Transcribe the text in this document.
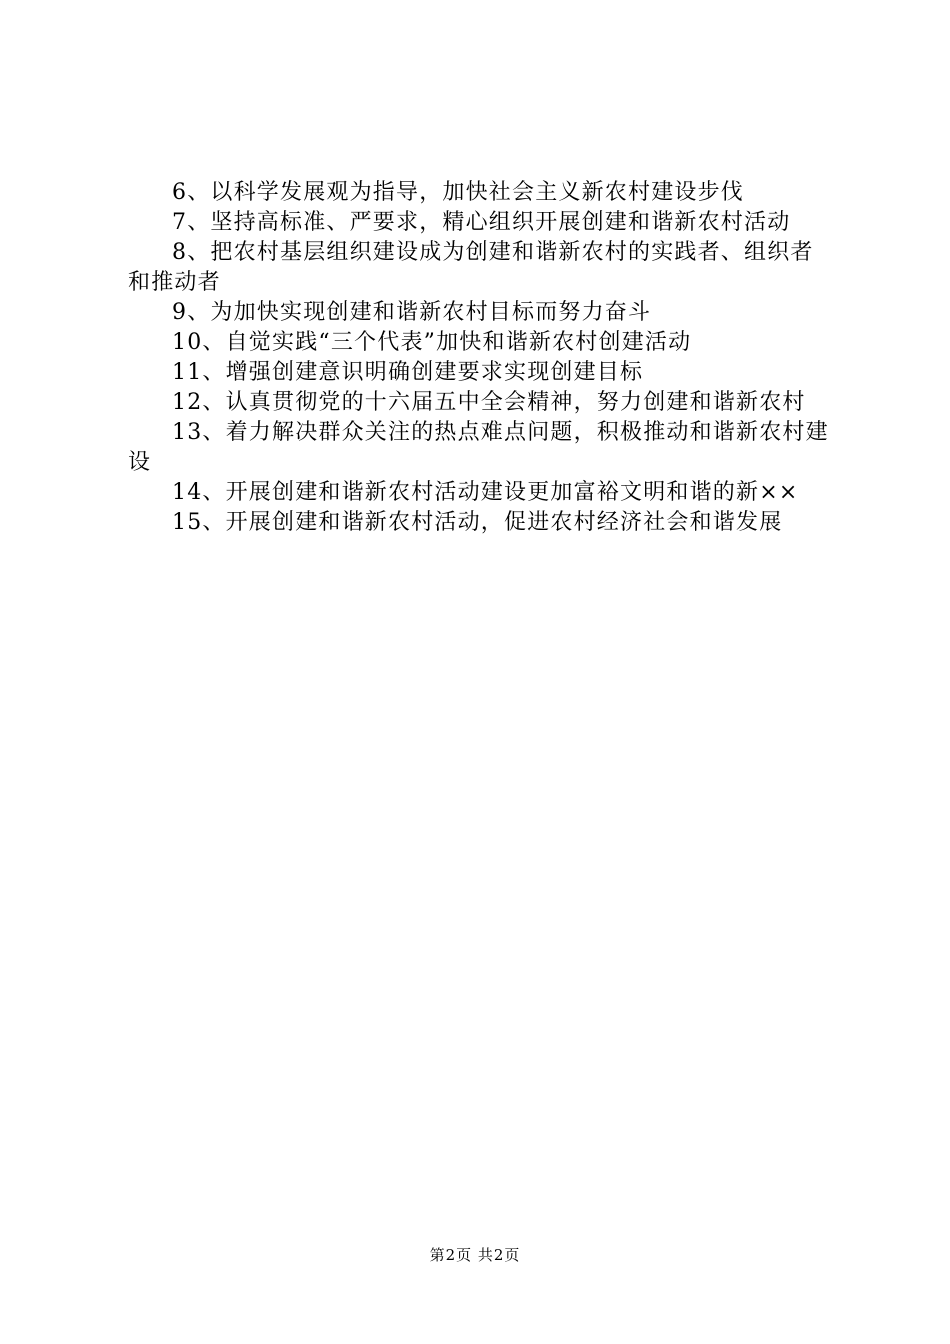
6、以科学发展观为指导，加快社会主义新农村建设步伐

7、坚持高标准、严要求，精心组织开展创建和谐新农村活动

8、把农村基层组织建设成为创建和谐新农村的实践者、组织者和推动者

9、为加快实现创建和谐新农村目标而努力奋斗

10、自觉实践“三个代表”加快和谐新农村创建活动

11、增强创建意识明确创建要求实现创建目标

12、认真贯彻党的十六届五中全会精神，努力创建和谐新农村

13、着力解决群众关注的热点难点问题，积极推动和谐新农村建设

14、开展创建和谐新农村活动建设更加富裕文明和谐的新××

15、开展创建和谐新农村活动，促进农村经济社会和谐发展

第2页 共2页
